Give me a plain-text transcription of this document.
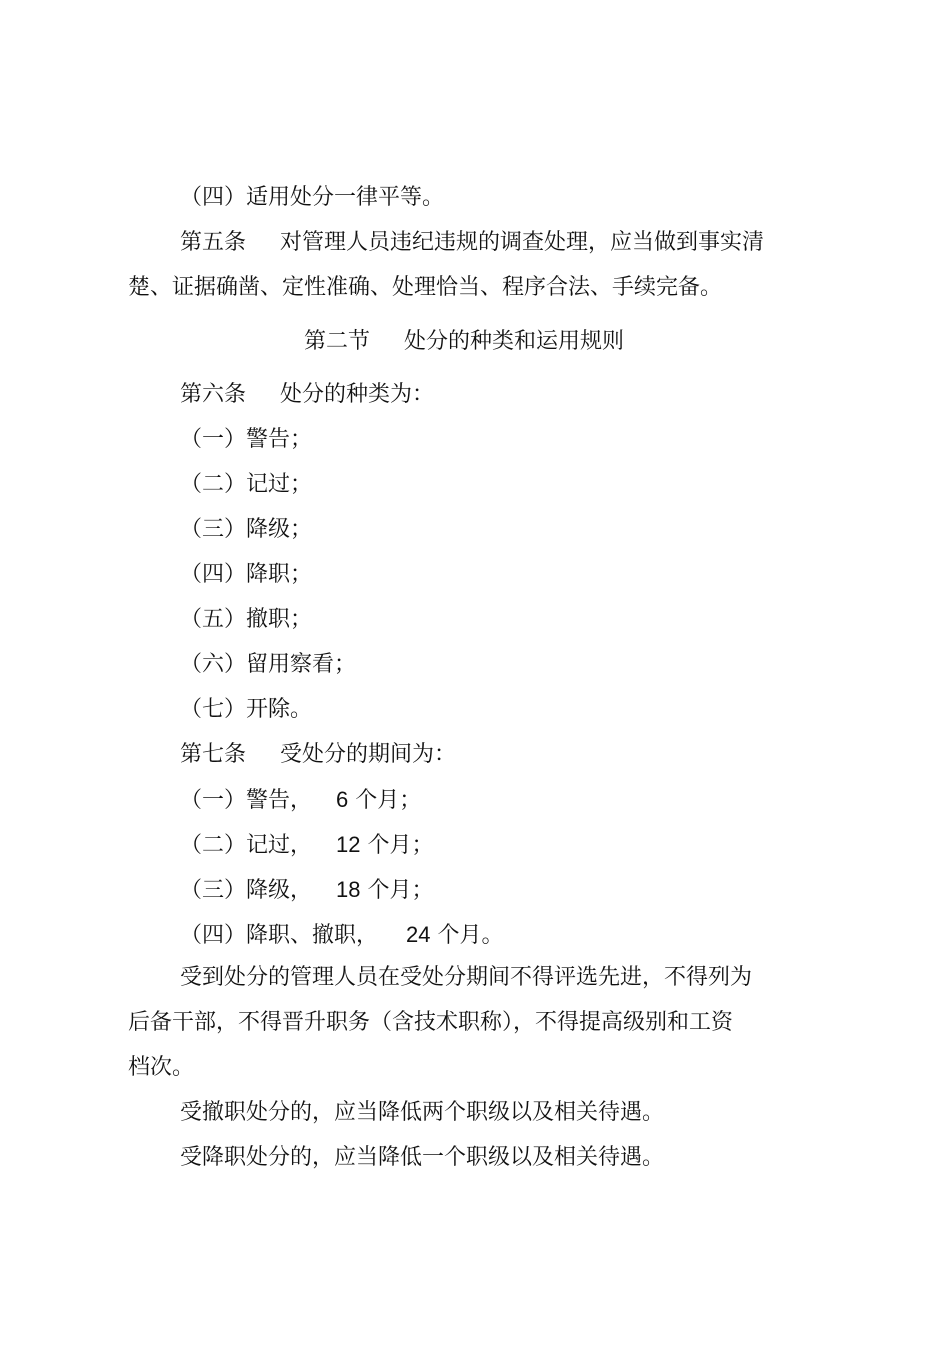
（四）适用处分一律平等。
第五条 对管理人员违纪违规的调查处理，应当做到事实清
楚、证据确凿、定性准确、处理恰当、程序合法、手续完备。
第二节 处分的种类和运用规则
第六条 处分的种类为：
（一）警告；
（二）记过；
（三）降级；
（四）降职；
（五）撤职；
（六）留用察看；
（七）开除。
第七条 受处分的期间为：
（一）警告， 6 个月；
（二）记过， 12 个月；
（三）降级， 18 个月；
（四）降职、撤职， 24 个月。
受到处分的管理人员在受处分期间不得评选先进，不得列为
后备干部，不得晋升职务（含技术职称），不得提高级别和工资
档次。
受撤职处分的，应当降低两个职级以及相关待遇。
受降职处分的，应当降低一个职级以及相关待遇。
